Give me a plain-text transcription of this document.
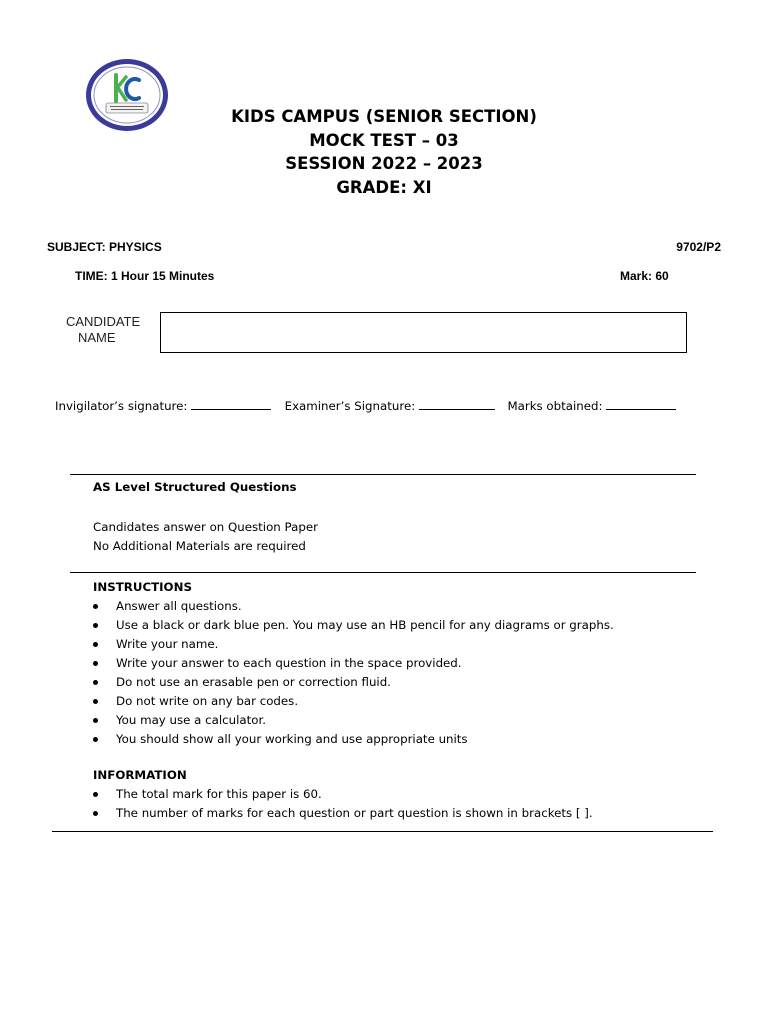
KIDS CAMPUS (SENIOR SECTION)
MOCK TEST – 03
SESSION 2022 – 2023
GRADE: XI
SUBJECT: PHYSICS	9702/P2
TIME: 1 Hour 15 Minutes	Mark: 60
CANDIDATE
NAME
Invigilator’s signature:	Examiner’s Signature:	Marks obtained:
AS Level Structured Questions
Candidates answer on Question Paper
No Additional Materials are required
INSTRUCTIONS
Answer all questions.
Use a black or dark blue pen. You may use an HB pencil for any diagrams or graphs.
Write your name.
Write your answer to each question in the space provided.
Do not use an erasable pen or correction fluid.
Do not write on any bar codes.
You may use a calculator.
You should show all your working and use appropriate units
INFORMATION
The total mark for this paper is 60.
The number of marks for each question or part question is shown in brackets [ ].
